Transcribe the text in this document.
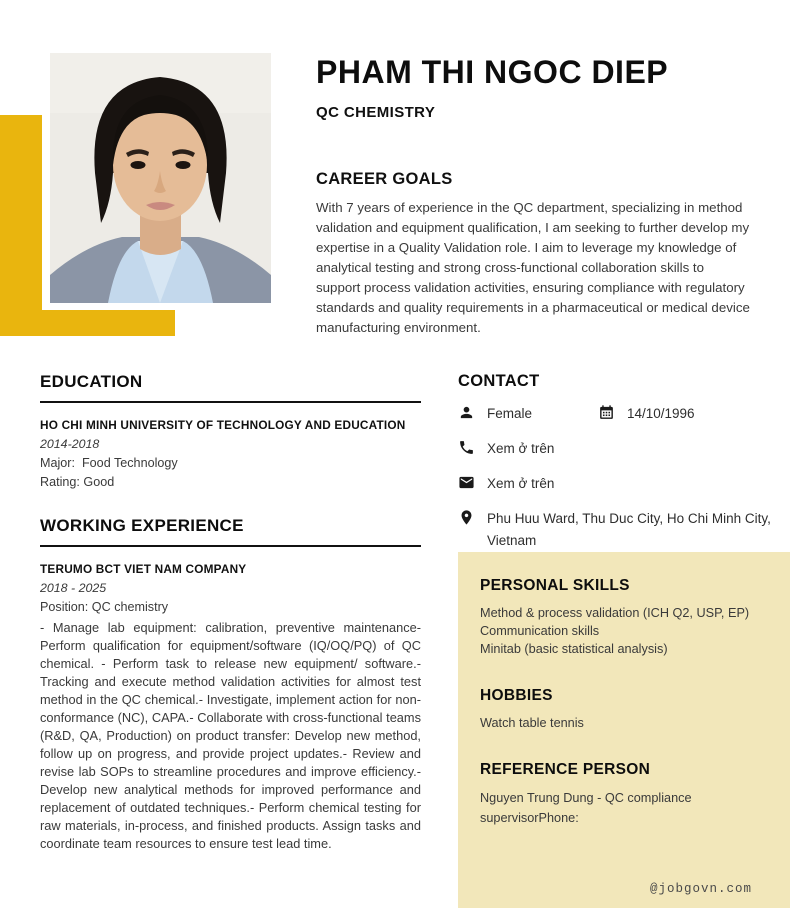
PHAM THI NGOC DIEP
QC CHEMISTRY
CAREER GOALS
With 7 years of experience in the QC department, specializing in method validation and equipment qualification, I am seeking to further develop my expertise in a Quality Validation role. I aim to leverage my knowledge of analytical testing and strong cross-functional collaboration skills to support process validation activities, ensuring compliance with regulatory standards and quality requirements in a pharmaceutical or medical device manufacturing environment.
EDUCATION
HO CHI MINH UNIVERSITY OF TECHNOLOGY AND EDUCATION
2014-2018
Major:  Food Technology
Rating: Good
WORKING EXPERIENCE
TERUMO BCT VIET NAM COMPANY
2018 - 2025
Position: QC chemistry
- Manage lab equipment: calibration, preventive maintenance- Perform qualification for equipment/software (IQ/OQ/PQ) of QC chemical. - Perform task to release new equipment/ software.- Tracking and execute method validation activities for almost test method in the QC chemical.- Investigate, implement action for non-conformance (NC), CAPA.- Collaborate with cross-functional teams (R&D, QA, Production) on product transfer: Develop new method, follow up on progress, and provide project updates.- Review and revise lab SOPs to streamline procedures and improve efficiency.- Develop new analytical methods for improved performance and replacement of outdated techniques.- Perform chemical testing for raw materials, in-process, and finished products. Assign tasks and coordinate team resources to ensure test lead time.
CONTACT
Female	14/10/1996
Xem ở trên
Xem ở trên
Phu Huu Ward, Thu Duc City, Ho Chi Minh City, Vietnam
PERSONAL SKILLS
Method & process validation (ICH Q2, USP, EP)
Communication skills
Minitab (basic statistical analysis)
HOBBIES
Watch table tennis
REFERENCE PERSON
Nguyen Trung Dung - QC compliance supervisorPhone:
@jobgovn.com
